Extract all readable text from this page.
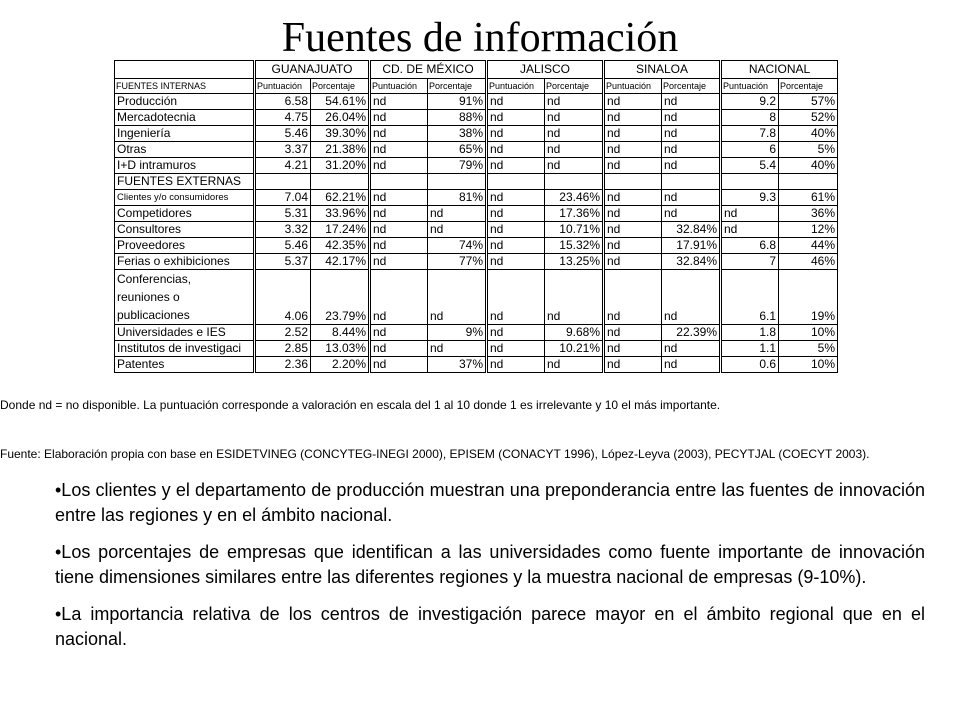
Fuentes de información
	GUANAJUATO		CD. DE MÉXICO		JALISCO		SINALOA		NACIONAL	
FUENTES INTERNAS	Puntuación	Porcentaje	Puntuación	Porcentaje	Puntuación	Porcentaje	Puntuación	Porcentaje	Puntuación	Porcentaje
Producción	6.58	54.61%	nd	91%	nd	nd	nd	nd	9.2	57%
Mercadotecnia	4.75	26.04%	nd	88%	nd	nd	nd	nd	8	52%
Ingeniería	5.46	39.30%	nd	38%	nd	nd	nd	nd	7.8	40%
Otras	3.37	21.38%	nd	65%	nd	nd	nd	nd	6	5%
I+D intramuros	4.21	31.20%	nd	79%	nd	nd	nd	nd	5.4	40%
FUENTES EXTERNAS										
Clientes y/o consumidores	7.04	62.21%	nd	81%	nd	23.46%	nd	nd	9.3	61%
Competidores	5.31	33.96%	nd	nd	nd	17.36%	nd	nd	nd	36%
Consultores	3.32	17.24%	nd	nd	nd	10.71%	nd	32.84%	nd	12%
Proveedores	5.46	42.35%	nd	74%	nd	15.32%	nd	17.91%	6.8	44%
Ferias o exhibiciones	5.37	42.17%	nd	77%	nd	13.25%	nd	32.84%	7	46%

Conferencias,
reuniones o
publicaciones	4.06	23.79%	nd	nd	nd	nd	nd	nd	6.1	19%
Universidades e IES	2.52	8.44%	nd	9%	nd	9.68%	nd	22.39%	1.8	10%
Institutos de investigaci	2.85	13.03%	nd	nd	nd	10.21%	nd	nd	1.1	5%
Patentes	2.36	2.20%	nd	37%	nd	nd	nd	nd	0.6	10%
Donde nd = no disponible. La puntuación corresponde a valoración en escala del 1 al 10 donde 1 es irrelevante y 10 el más importante.
Fuente: Elaboración propia con base en ESIDETVINEG (CONCYTEG-INEGI 2000), EPISEM (CONACYT 1996), López-Leyva (2003), PECYTJAL (COECYT 2003).

•Los clientes y el departamento de producción muestran una preponderancia entre las fuentes de innovación entre las regiones y en el ámbito nacional.

•Los porcentajes de empresas que identifican a las universidades como fuente importante de innovación tiene dimensiones similares entre las diferentes regiones y la muestra nacional de empresas (9-10%).

•La importancia relativa de los centros de investigación parece mayor en el ámbito regional que en el nacional.
